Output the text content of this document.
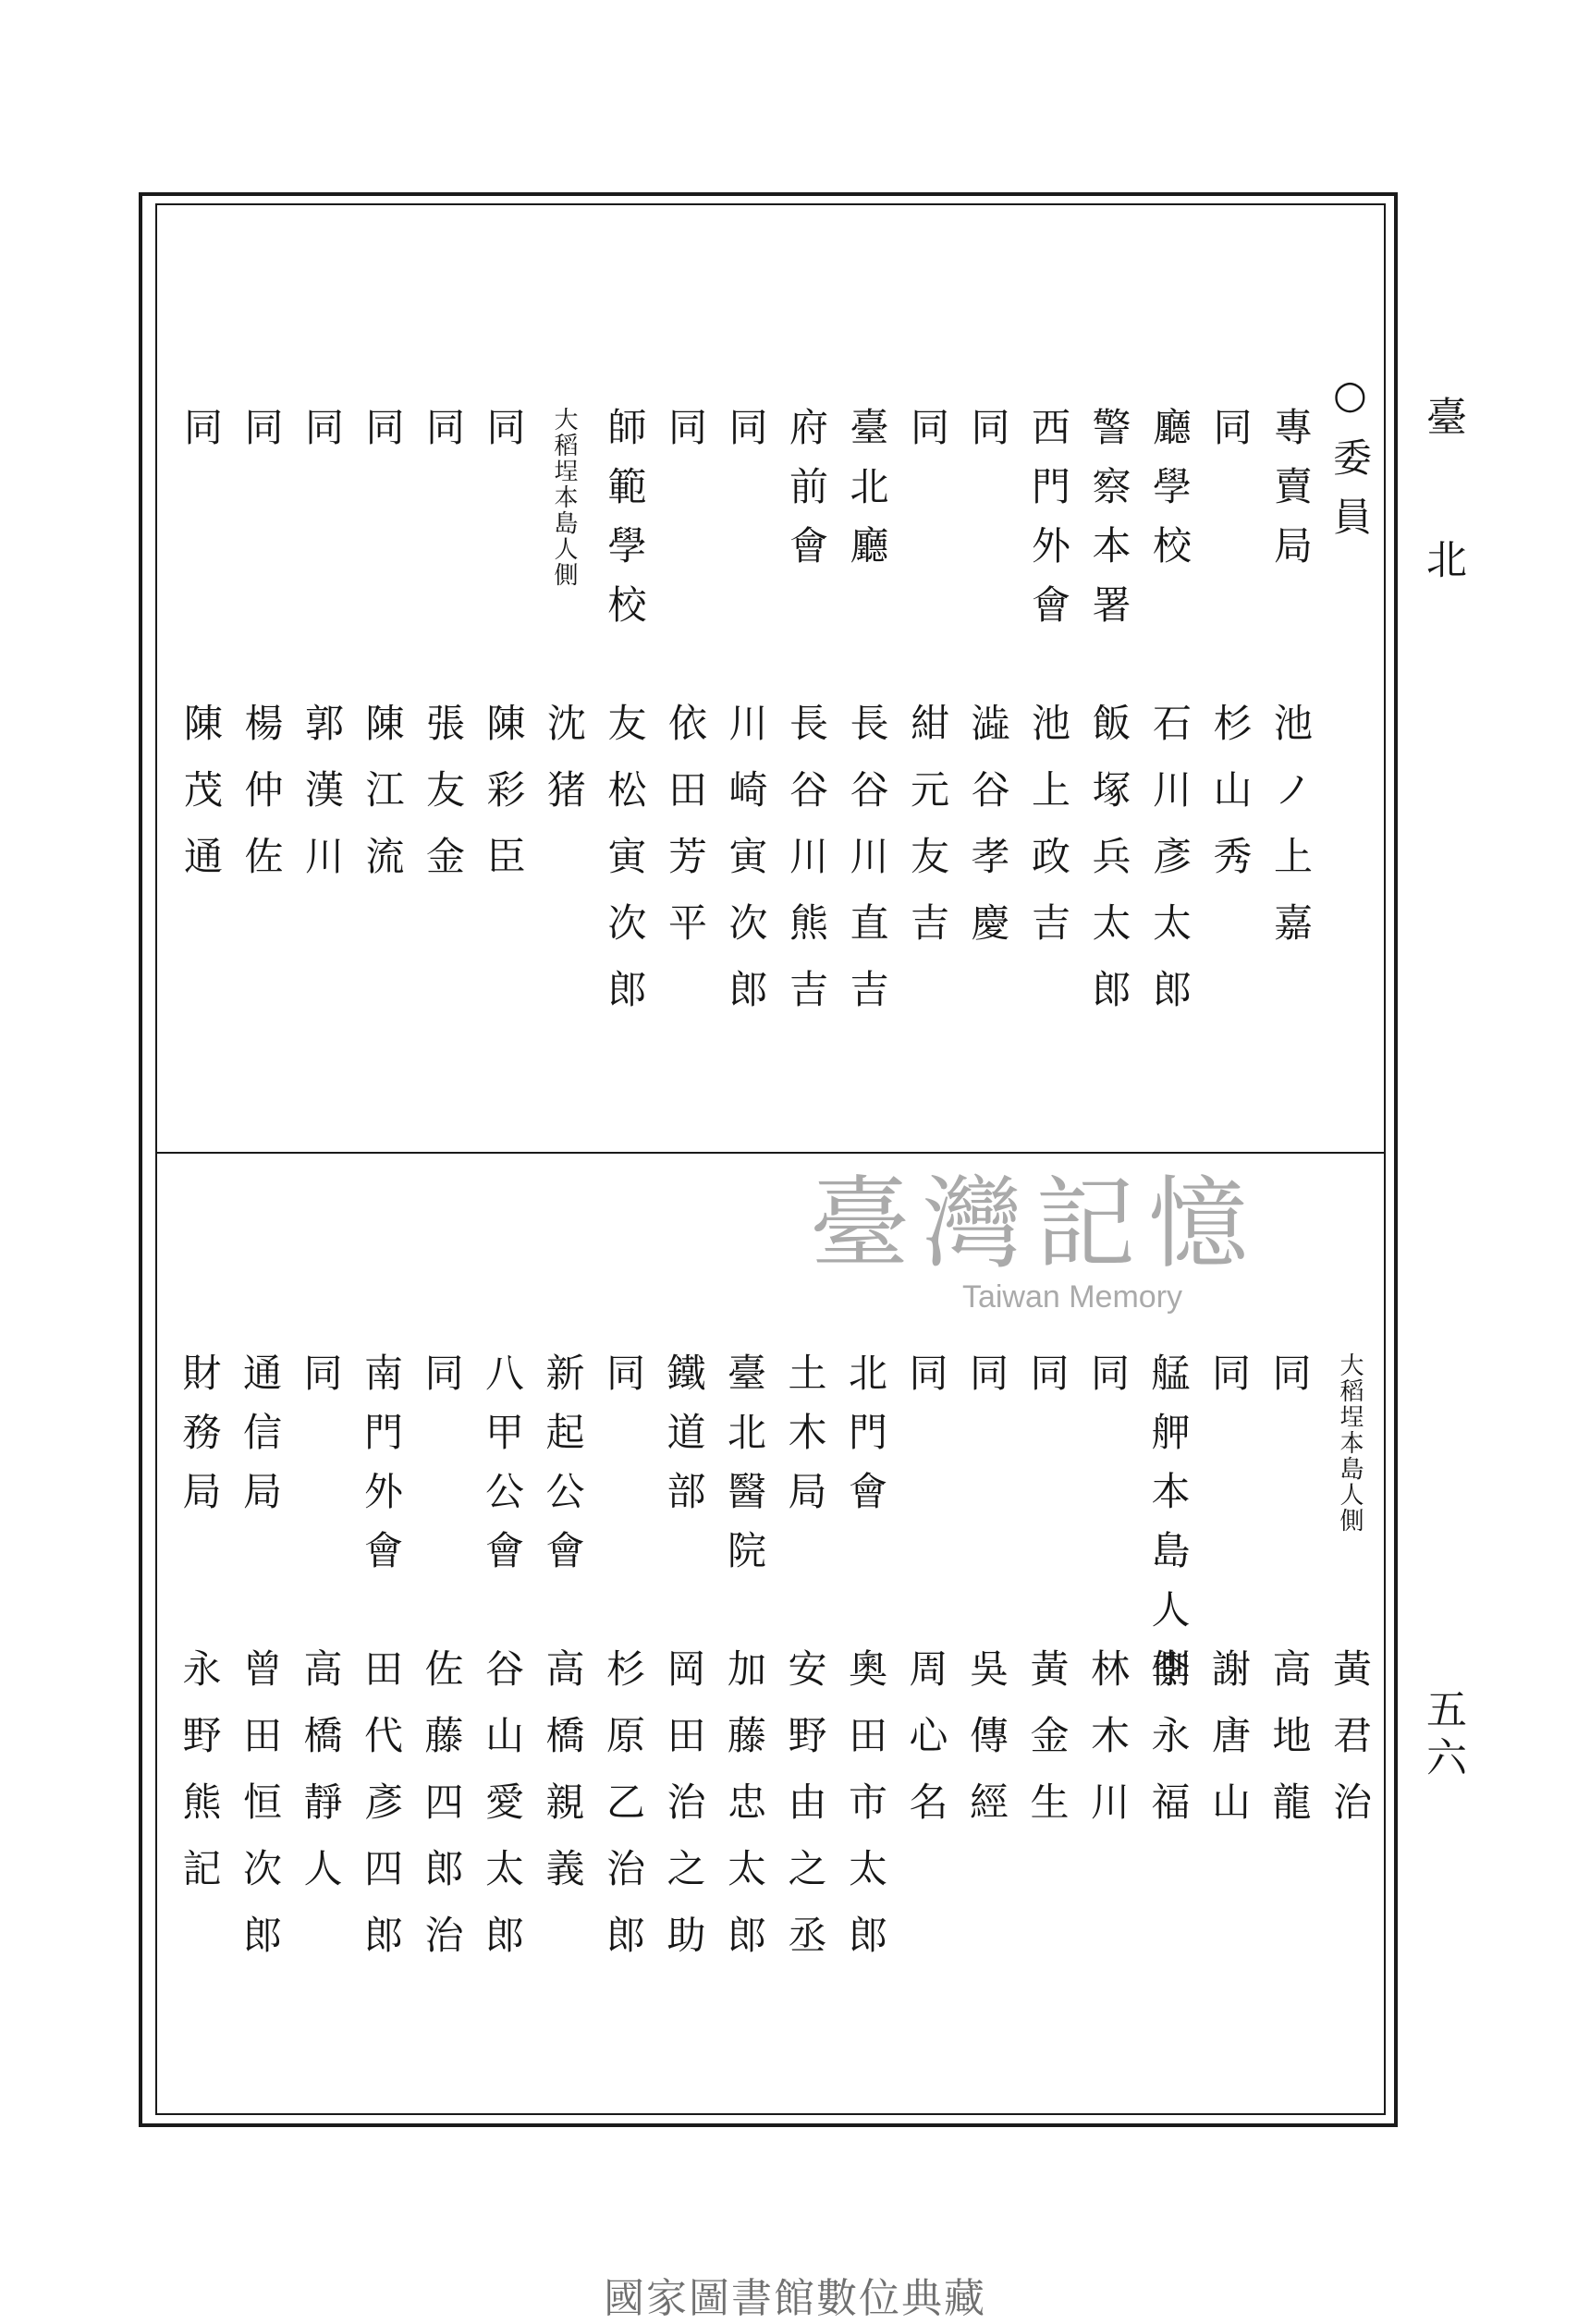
臺北
五六
○委員
專賣局
池ノ上嘉
同
杉山秀
廳學校
石川彥太郎
警察本署
飯塚兵太郎
西門外會
池上政吉
同
澁谷孝慶
同
紺元友吉
臺北廳
長谷川直吉
府前會
長谷川熊吉
同
川崎寅次郎
同
依田芳平
師範學校
友松寅次郎
大稻埕本島人側
沈猪
同
陳彩臣
同
張友金
同
陳江流
同
郭漢川
同
楊仲佐
同
陳茂通
大稻埕本島人側
黃君治
同
高地龍
同
謝唐山
艋舺本島人側
李永福
同
林木川
同
黃金生
同
吳傳經
同
周心名
北門會
奧田市太郎
土木局
安野由之丞
臺北醫院
加藤忠太郎
鐵道部
岡田治之助
同
杉原乙治郎
新起公會
高橋親義
八甲公會
谷山愛太郎
同
佐藤四郎治
南門外會
田代彥四郎
同
高橋靜人
通信局
曾田恒次郎
財務局
永野熊記
臺灣記憶
Taiwan Memory
國家圖書館數位典藏
